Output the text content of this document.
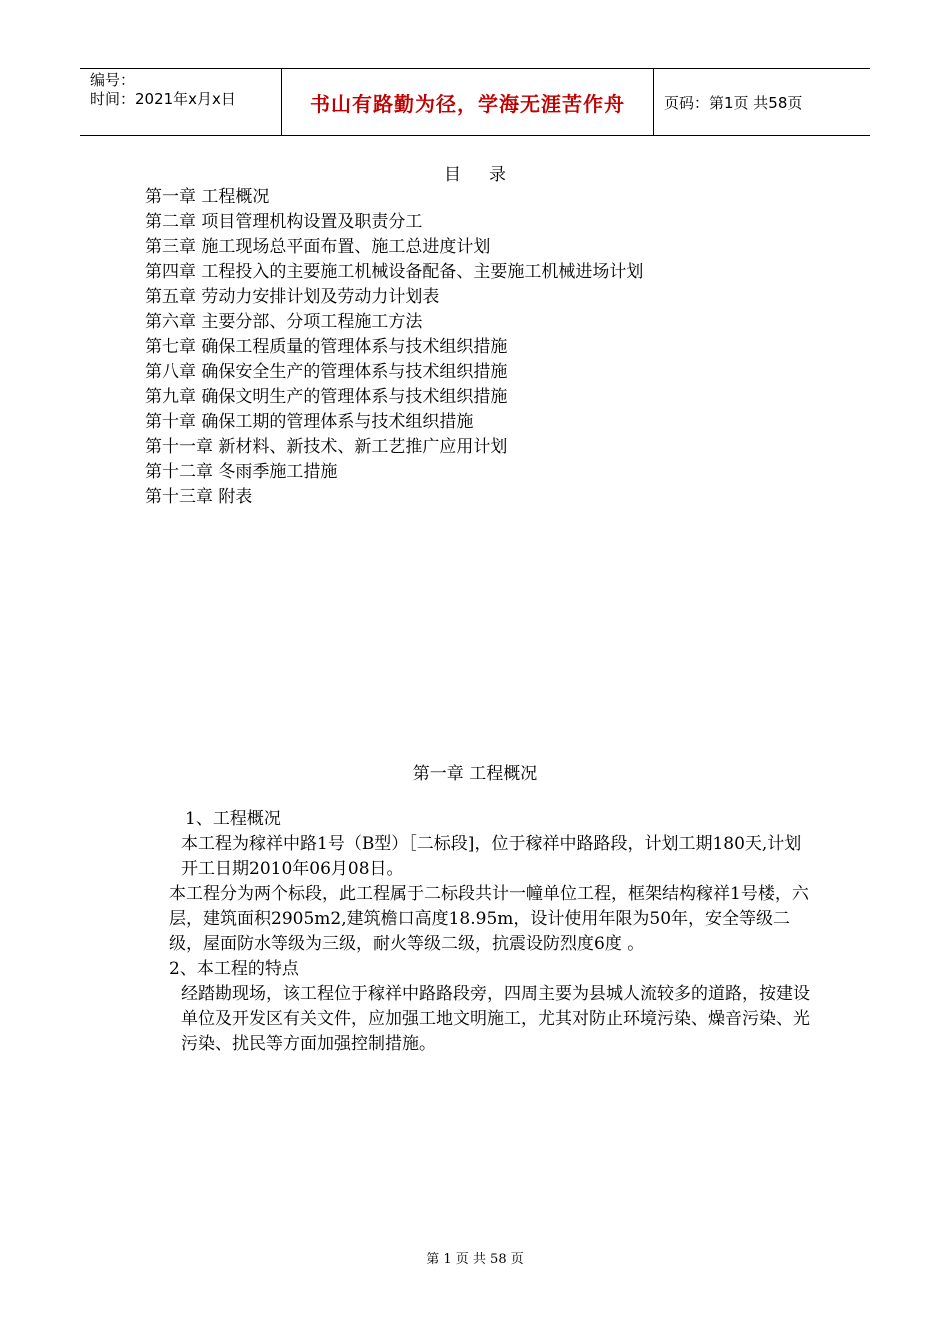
编号：
时间：2021年x月x日	书山有路勤为径，学海无涯苦作舟	页码：第1页 共58页
目 录
第一章 工程概况
第二章 项目管理机构设置及职责分工
第三章 施工现场总平面布置、施工总进度计划
第四章 工程投入的主要施工机械设备配备、主要施工机械进场计划
第五章 劳动力安排计划及劳动力计划表
第六章 主要分部、分项工程施工方法
第七章 确保工程质量的管理体系与技术组织措施
第八章 确保安全生产的管理体系与技术组织措施
第九章 确保文明生产的管理体系与技术组织措施
第十章 确保工期的管理体系与技术组织措施
第十一章 新材料、新技术、新工艺推广应用计划
第十二章 冬雨季施工措施
第十三章 附表
第一章 工程概况

1、工程概况

本工程为稼祥中路1号（B型）［二标段]，位于稼祥中路路段，计划工期180天,计划开工日期2010年06月08日。

本工程分为两个标段，此工程属于二标段共计一幢单位工程，框架结构稼祥1号楼，六层，建筑面积2905m2,建筑檐口高度18.95m，设计使用年限为50年，安全等级二级，屋面防水等级为三级，耐火等级二级，抗震设防烈度6度 。

2、本工程的特点

经踏勘现场，该工程位于稼祥中路路段旁，四周主要为县城人流较多的道路，按建设单位及开发区有关文件，应加强工地文明施工，尤其对防止环境污染、燥音污染、光污染、扰民等方面加强控制措施。

第 1 页 共 58 页
